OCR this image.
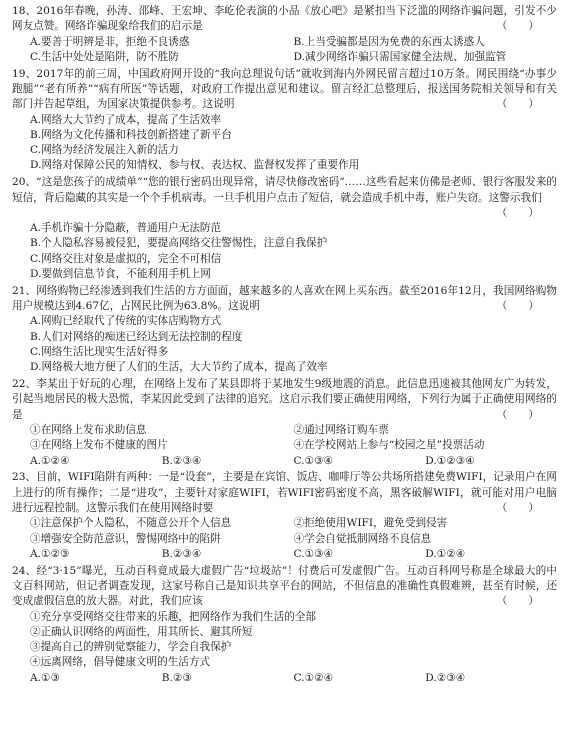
18、2016年春晚，孙涛、邵峰、王宏坤、李屹伦表演的小品《放心吧》是紧扣当下泛滥的网络诈骗问题，引发不少网友点赞。网络诈骗现象给我们的启示是	（　　）
A.要善于明辨是非，拒绝不良诱惑	B.上当受骗都是因为免费的东西太诱惑人
C.生活中处处是陷阱，防不胜防	D.减少网络诈骗只需国家健全法规、加强监管
19、2017年的前三周，中国政府网开设的“我向总理说句话”就收到海内外网民留言超过10万条。网民围绕“办事少跑腿”“老有所养”“病有所医”等话题，对政府工作提出意见和建议。留言经汇总整理后，报送国务院相关领导和有关部门并告起草组，为国家决策提供参考。这说明	（　　）
A.网络大大节约了成本，提高了生活效率
B.网络为文化传播和科技创新搭建了新平台
C.网络为经济发展注入新的活力
D.网络对保障公民的知情权、参与权、表达权、监督权发挥了重要作用
20、“这是您孩子的成绩单”“您的银行密码出现异常，请尽快修改密码”……这些看起来仿佛是老师、银行客服发来的短信，背后隐藏的其实是一个个手机病毒。一旦手机用户点击了短信，就会造成手机中毒，账户失窃。这警示我们
（　　）
A.手机诈骗十分隐蔽，普通用户无法防范
B.个人隐私容易被侵犯，要提高网络交往警惕性，注意自我保护
C.网络交往对象是虚拟的，完全不可相信
D.要做到信息节食，不能利用手机上网
21、网络购物已经渗透到我们生活的方方面面，越来越多的人喜欢在网上买东西。截至2016年12月，我国网络购物用户规模达到4.67亿，占网民比例为63.8%。这说明	（　　）
A.网购已经取代了传统的实体店购物方式
B.人们对网络的痴迷已经达到无法控制的程度
C.网络生活比现实生活好得多
D.网络极大地方便了人们的生活，大大节约了成本，提高了效率
22、李某出于好玩的心理，在网络上发布了某县即将于某地发生9级地震的消息。此信息迅速被其他网友广为转发，引起当地居民的极大恐慌，李某因此受到了法律的追究。这启示我们要正确使用网络，下列行为属于正确使用网络的是	（　　）
①在网络上发布求助信息	②通过网络订购车票
③在网络上发布不健康的图片	④在学校网站上参与“校园之星”投票活动
A.①②④	B.②③④	C.①③④	D.①②③④
23、目前，WIFI陷阱有两种：一是“设套”，主要是在宾馆、饭店、咖啡厅等公共场所搭建免费WIFI，记录用户在网上进行的所有操作；二是“进攻”，主要针对家庭WIFI，若WIFI密码密度不高，黑客破解WIFI，就可能对用户电脑进行远程控制。这警示我们在使用网络时要	（　　）
①注意保护个人隐私，不随意公开个人信息	②拒绝使用WIFI，避免受到侵害
③增强安全防范意识，警惕网络中的陷阱	④学会自觉抵制网络不良信息
A.①②③	B.②③④	C.①③④	D.①②④
24、经“3·15”曝光，互动百科竟成最大虚假广告“垃圾站”！付费后可发虚假广告。互动百科网号称是全球最大的中文百科网站，但记者调查发现，这家号称自己是知识共享平台的网站，不但信息的准确性真假难辨，甚至有时候，还变成虚假信息的放大器。对此，我们应该	（　　）
①充分享受网络交往带来的乐趣，把网络作为我们生活的全部
②正确认识网络的两面性，用其所长、避其所短
③提高自己的辨别觉察能力，学会自我保护
④远离网络，倡导健康文明的生活方式
A.①③	B.②③	C.①②④	D.②③④
